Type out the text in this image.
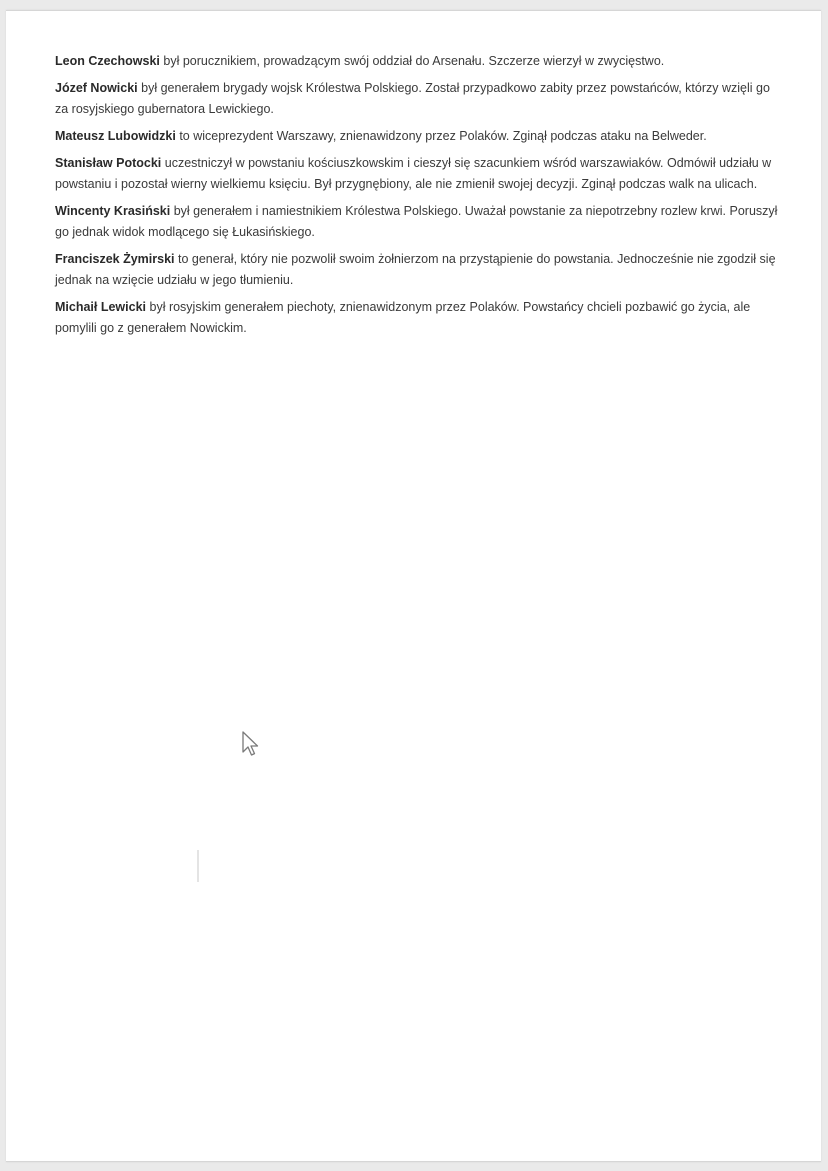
Leon Czechowski był porucznikiem, prowadzącym swój oddział do Arsenału. Szczerze wierzył w zwycięstwo.

Józef Nowicki był generałem brygady wojsk Królestwa Polskiego. Został przypadkowo zabity przez powstańców, którzy wzięli go za rosyjskiego gubernatora Lewickiego.

Mateusz Lubowidzki to wiceprezydent Warszawy, znienawidzony przez Polaków. Zginął podczas ataku na Belweder.

Stanisław Potocki uczestniczył w powstaniu kościuszkowskim i cieszył się szacunkiem wśród warszawiaków. Odmówił udziału w powstaniu i pozostał wierny wielkiemu księciu. Był przygnębiony, ale nie zmienił swojej decyzji. Zginął podczas walk na ulicach.

Wincenty Krasiński był generałem i namiestnikiem Królestwa Polskiego. Uważał powstanie za niepotrzebny rozlew krwi. Poruszył go jednak widok modlącego się Łukasińskiego.

Franciszek Żymirski to generał, który nie pozwolił swoim żołnierzom na przystąpienie do powstania. Jednocześnie nie zgodził się jednak na wzięcie udziału w jego tłumieniu.

Michaił Lewicki był rosyjskim generałem piechoty, znienawidzonym przez Polaków. Powstańcy chcieli pozbawić go życia, ale pomylili go z generałem Nowickim.
